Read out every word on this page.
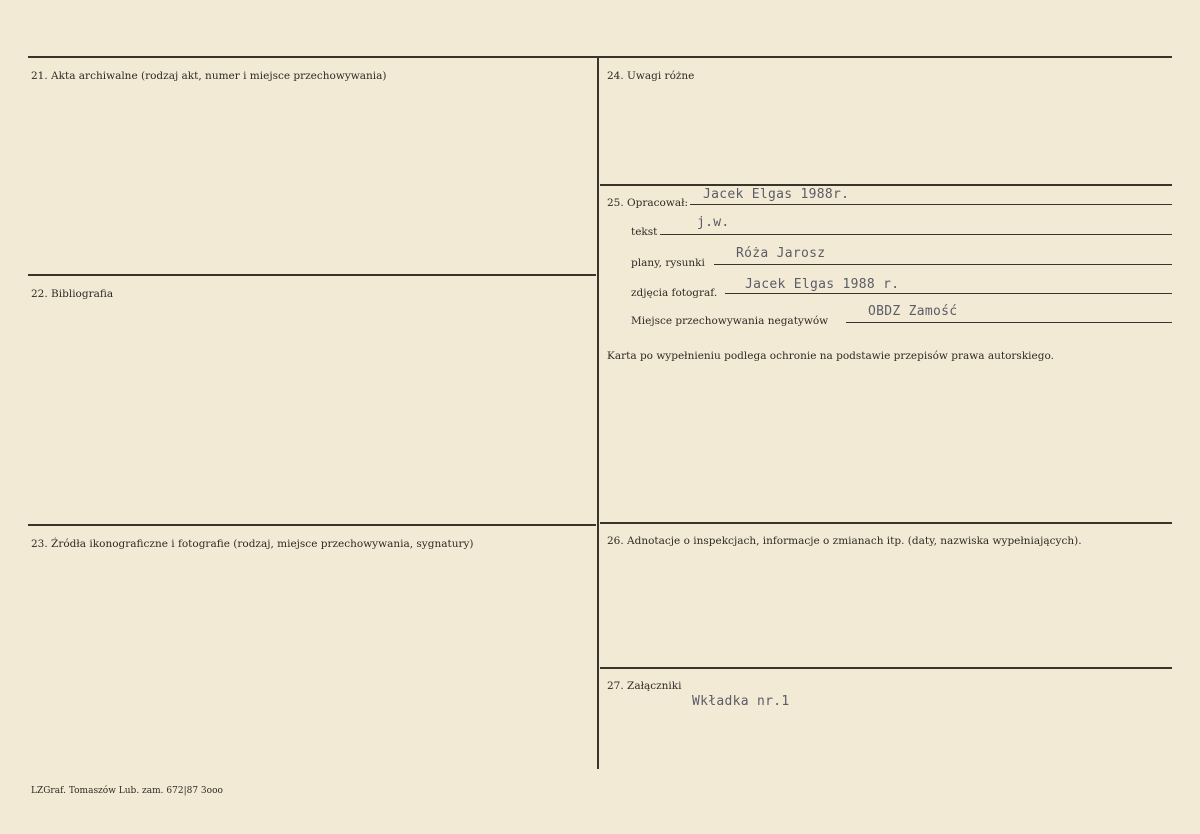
21. Akta archiwalne (rodzaj akt, numer i miejsce przechowywania)
22. Bibliografia
23. Źródła ikonograficzne i fotografie (rodzaj, miejsce przechowywania, sygnatury)
24. Uwagi różne
25. Opracował:
Jacek Elgas 1988r.
tekst
j.w.
plany, rysunki
Róża Jarosz
zdjęcia fotograf.
Jacek Elgas 1988 r.
Miejsce przechowywania negatywów
OBDZ Zamość
Karta po wypełnieniu podlega ochronie na podstawie przepisów prawa autorskiego.
26. Adnotacje o inspekcjach, informacje o zmianach itp. (daty, nazwiska wypełniających).
27. Załączniki
Wkładka nr.1
LZGraf. Tomaszów Lub. zam. 672|87 3ooo
